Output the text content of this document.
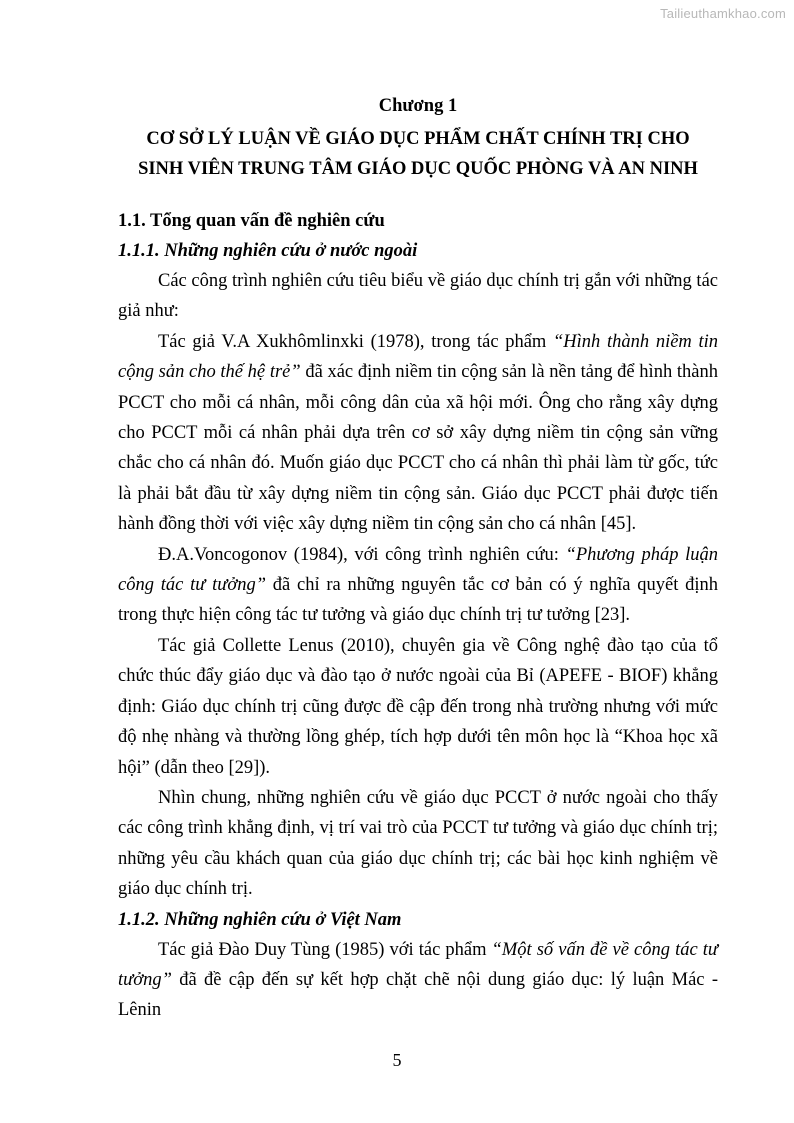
Tailieuthamkhao.com

Chương 1

CƠ SỞ LÝ LUẬN VỀ GIÁO DỤC PHẨM CHẤT CHÍNH TRỊ CHO
SINH VIÊN TRUNG TÂM GIÁO DỤC QUỐC PHÒNG VÀ AN NINH

1.1. Tổng quan vấn đề nghiên cứu

1.1.1. Những nghiên cứu ở nước ngoài

Các công trình nghiên cứu tiêu biểu về giáo dục chính trị gắn với những tác giả như:

Tác giả V.A Xukhômlinxki (1978), trong tác phẩm “Hình thành niềm tin cộng sản cho thế hệ trẻ” đã xác định niềm tin cộng sản là nền tảng để hình thành PCCT cho mỗi cá nhân, mỗi công dân của xã hội mới. Ông cho rằng xây dựng cho PCCT mỗi cá nhân phải dựa trên cơ sở xây dựng niềm tin cộng sản vững chắc cho cá nhân đó. Muốn giáo dục PCCT cho cá nhân thì phải làm từ gốc, tức là phải bắt đầu từ xây dựng niềm tin cộng sản. Giáo dục PCCT phải được tiến hành đồng thời với việc xây dựng niềm tin cộng sản cho cá nhân [45].

Đ.A.Voncogonov (1984), với công trình nghiên cứu: “Phương pháp luận công tác tư tưởng” đã chỉ ra những nguyên tắc cơ bản có ý nghĩa quyết định trong thực hiện công tác tư tưởng và giáo dục chính trị tư tưởng [23].

Tác giả Collette Lenus (2010), chuyên gia về Công nghệ đào tạo của tổ chức thúc đẩy giáo dục và đào tạo ở nước ngoài của Bỉ (APEFE - BIOF) khẳng định: Giáo dục chính trị cũng được đề cập đến trong nhà trường nhưng với mức độ nhẹ nhàng và thường lồng ghép, tích hợp dưới tên môn học là “Khoa học xã hội” (dẫn theo [29]).

Nhìn chung, những nghiên cứu về giáo dục PCCT ở nước ngoài cho thấy các công trình khẳng định, vị trí vai trò của PCCT tư tưởng và giáo dục chính trị; những yêu cầu khách quan của giáo dục chính trị; các bài học kinh nghiệm về giáo dục chính trị.

1.1.2. Những nghiên cứu ở Việt Nam

Tác giả Đào Duy Tùng (1985) với tác phẩm “Một số vấn đề về công tác tư tưởng” đã đề cập đến sự kết hợp chặt chẽ nội dung giáo dục: lý luận Mác - Lênin

5
